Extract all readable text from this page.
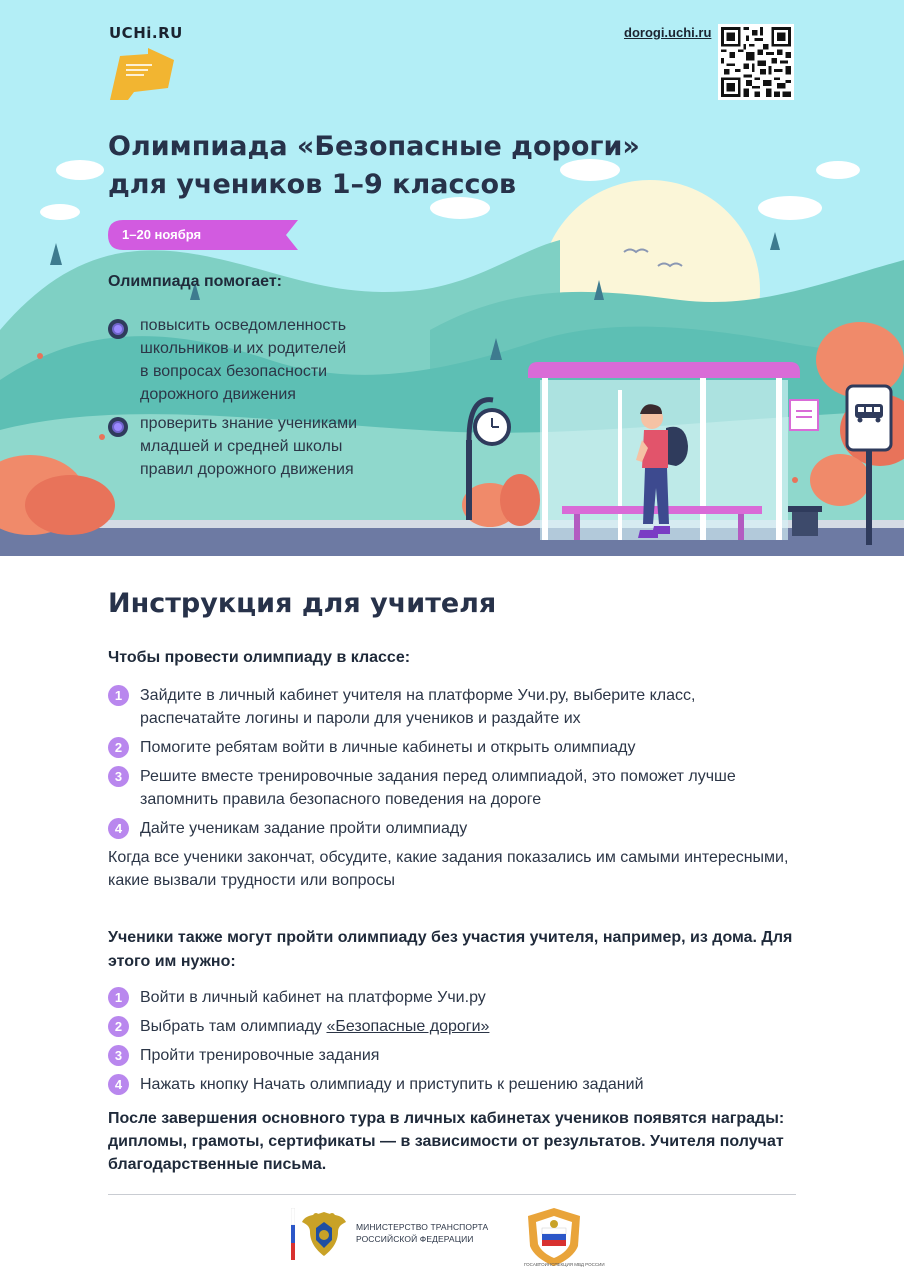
UCHi.RU	dorogi.uchi.ru
Олимпиада «Безопасные дороги»
для учеников 1–9 классов
1–20 ноября
Олимпиада помогает:
повысить осведомленность
школьников и их родителей
в вопросах безопасности
дорожного движения
проверить знание учениками
младшей и средней школы
правил дорожного движения
Инструкция для учителя
Чтобы провести олимпиаду в классе:
1	Зайдите в личный кабинет учителя на платформе Учи.ру, выберите класс, распечатайте логины и пароли для учеников и раздайте их
2	Помогите ребятам войти в личные кабинеты и открыть олимпиаду
3	Решите вместе тренировочные задания перед олимпиадой, это поможет лучше запомнить правила безопасного поведения на дороге
4	Дайте ученикам задание пройти олимпиаду
Когда все ученики закончат, обсудите, какие задания показались им самыми интересными, какие вызвали трудности или вопросы
Ученики также могут пройти олимпиаду без участия учителя, например, из дома. Для этого им нужно:
1	Войти в личный кабинет на платформе Учи.ру
2	Выбрать там олимпиаду «Безопасные дороги»
3	Пройти тренировочные задания
4	Нажать кнопку Начать олимпиаду и приступить к решению заданий
После завершения основного тура в личных кабинетах учеников появятся награды: дипломы, грамоты, сертификаты — в зависимости от результатов. Учителя получат благодарственные письма.
МИНИСТЕРСТВО ТРАНСПОРТА
РОССИЙСКОЙ ФЕДЕРАЦИИ
ГОСАВТОИНСПЕКЦИЯ МВД РОССИИ
